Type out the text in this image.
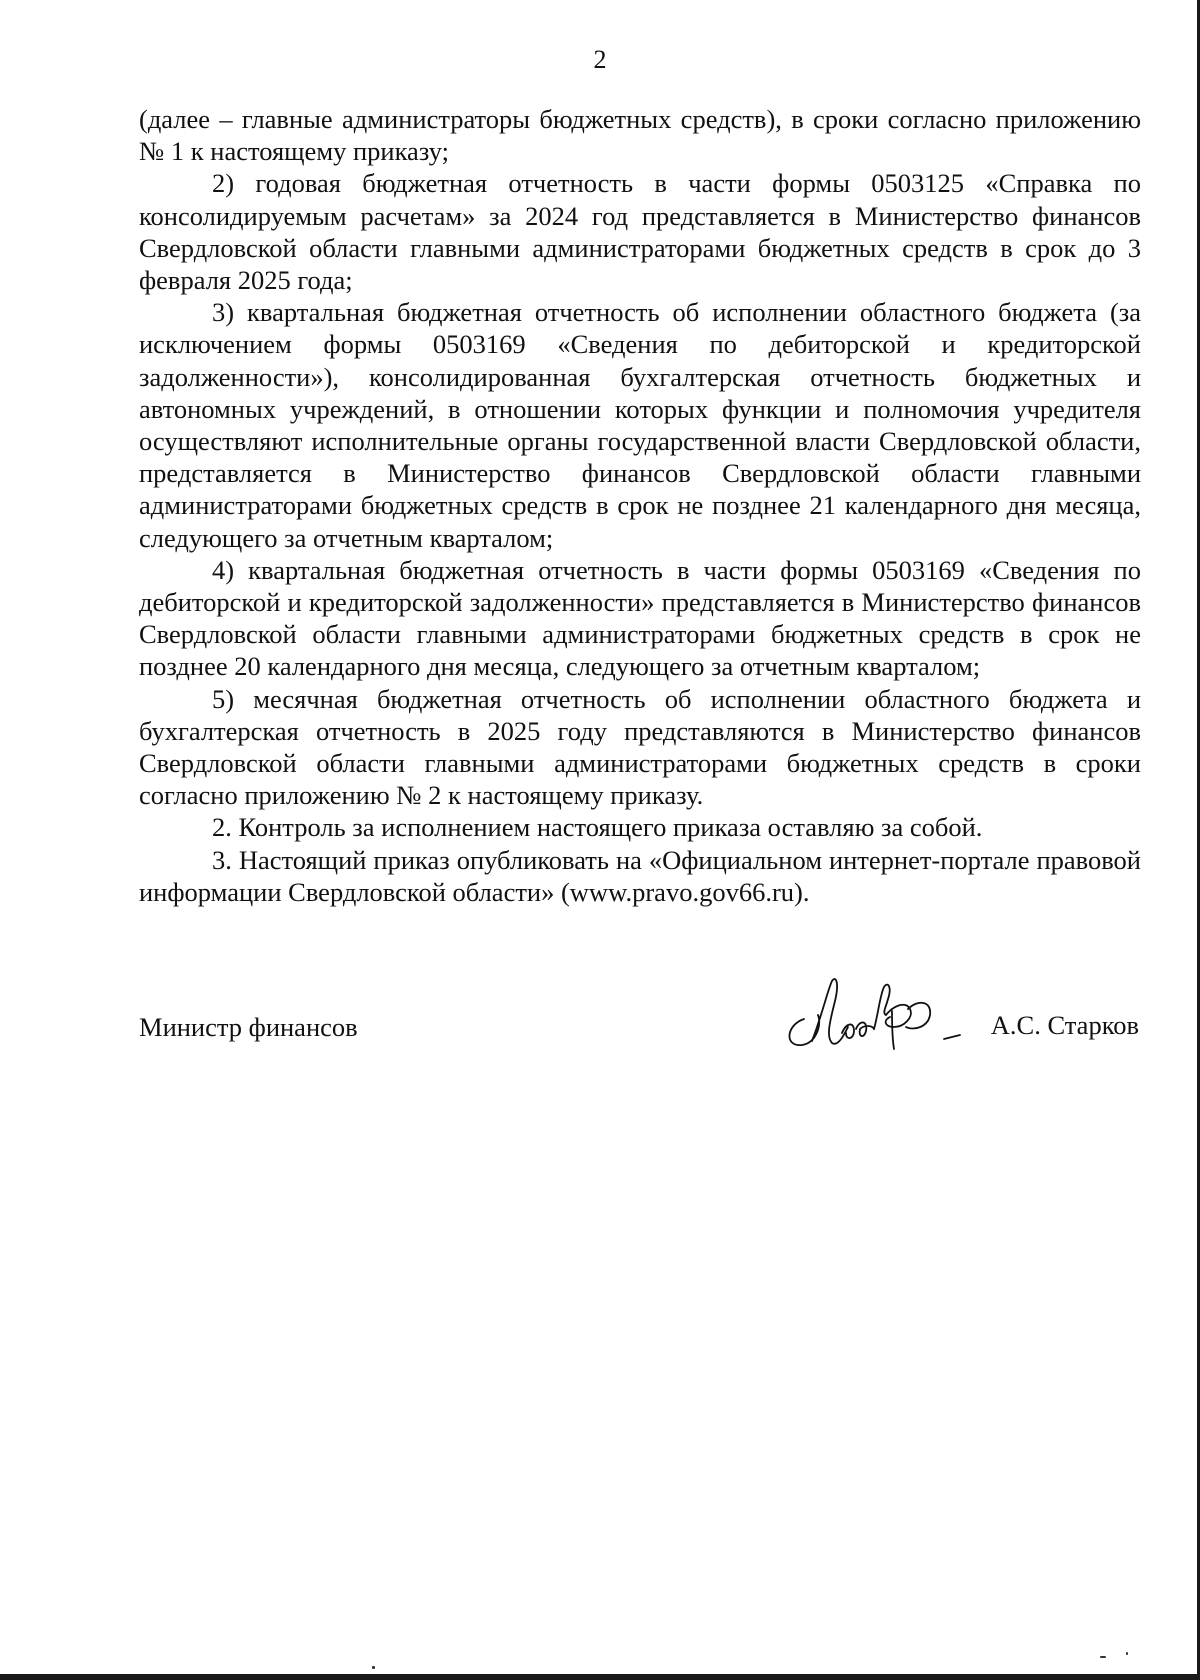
2

(далее – главные администраторы бюджетных средств), в сроки согласно приложению № 1 к настоящему приказу;

2) годовая бюджетная отчетность в части формы 0503125 «Справка по консолидируемым расчетам» за 2024 год представляется в Министерство финансов Свердловской области главными администраторами бюджетных средств в срок до 3 февраля 2025 года;

3) квартальная бюджетная отчетность об исполнении областного бюджета (за исключением формы 0503169 «Сведения по дебиторской и кредиторской задолженности»), консолидированная бухгалтерская отчетность бюджетных и автономных учреждений, в отношении которых функции и полномочия учредителя осуществляют исполнительные органы государственной власти Свердловской области, представляется в Министерство финансов Свердловской области главными администраторами бюджетных средств в срок не позднее 21 календарного дня месяца, следующего за отчетным кварталом;

4) квартальная бюджетная отчетность в части формы 0503169 «Сведения по дебиторской и кредиторской задолженности» представляется в Министерство финансов Свердловской области главными администраторами бюджетных средств в срок не позднее 20 календарного дня месяца, следующего за отчетным кварталом;

5) месячная бюджетная отчетность об исполнении областного бюджета и бухгалтерская отчетность в 2025 году представляются в Министерство финансов Свердловской области главными администраторами бюджетных средств в сроки согласно приложению № 2 к настоящему приказу.

2. Контроль за исполнением настоящего приказа оставляю за собой.

3. Настоящий приказ опубликовать на «Официальном интернет-портале правовой информации Свердловской области» (www.pravo.gov66.ru).

Министр финансов	А.С. Старков
